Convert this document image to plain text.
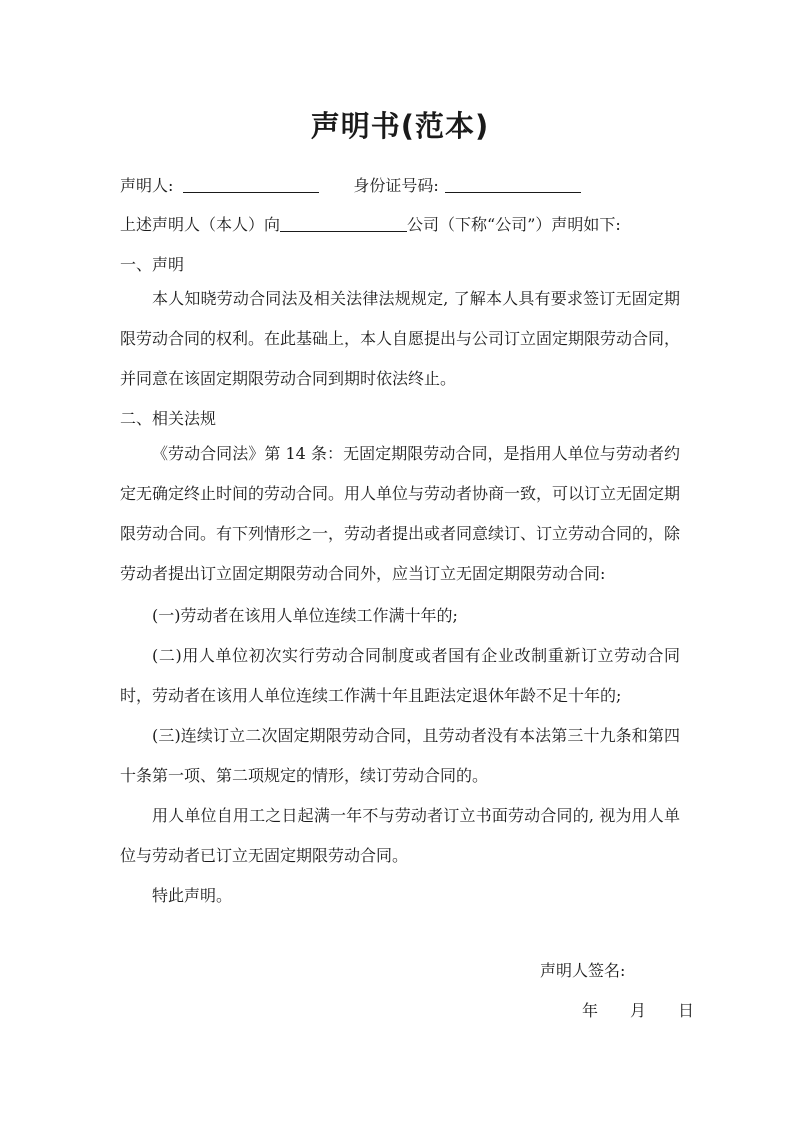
声明书(范本)
声明人:	身份证号码:
上述声明人（本人）向	公司（下称“公司”）声明如下:
一、声明
本人知晓劳动合同法及相关法律法规规定, 了解本人具有要求签订无固定期限劳动合同的权利。在此基础上，本人自愿提出与公司订立固定期限劳动合同，并同意在该固定期限劳动合同到期时依法终止。
二、相关法规
《劳动合同法》第 14 条：无固定期限劳动合同，是指用人单位与劳动者约定无确定终止时间的劳动合同。用人单位与劳动者协商一致，可以订立无固定期限劳动合同。有下列情形之一，劳动者提出或者同意续订、订立劳动合同的，除劳动者提出订立固定期限劳动合同外，应当订立无固定期限劳动合同:
(一)劳动者在该用人单位连续工作满十年的;
(二)用人单位初次实行劳动合同制度或者国有企业改制重新订立劳动合同时，劳动者在该用人单位连续工作满十年且距法定退休年龄不足十年的;
(三)连续订立二次固定期限劳动合同，且劳动者没有本法第三十九条和第四十条第一项、第二项规定的情形，续订劳动合同的。
用人单位自用工之日起满一年不与劳动者订立书面劳动合同的, 视为用人单位与劳动者已订立无固定期限劳动合同。
特此声明。
声明人签名:
年　　月　　日
